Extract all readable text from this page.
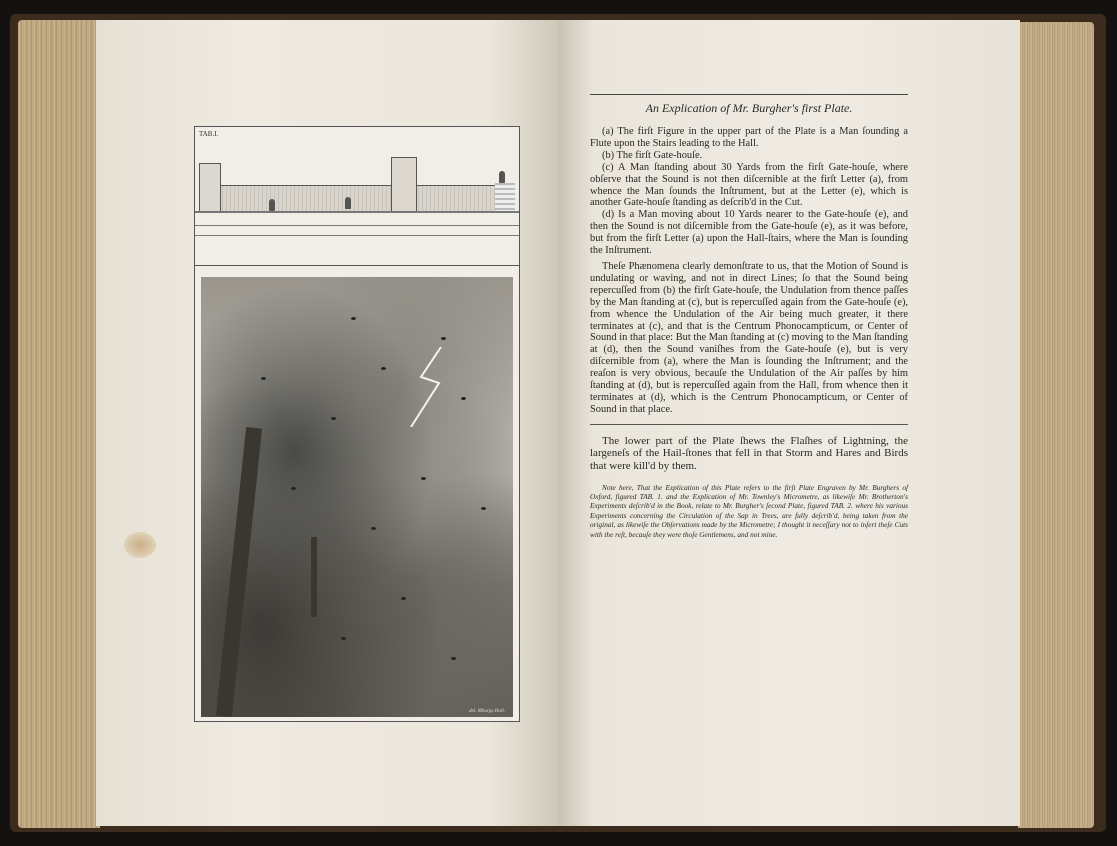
TAB.I.
del. Mburgo Holl.
An Explication of Mr. Burgher's first Plate.

(a) The firſt Figure in the upper part of the Plate is a Man ſounding a Flute upon the Stairs leading to the Hall.

(b) The firſt Gate-houſe.

(c) A Man ſtanding about 30 Yards from the firſt Gate-houſe, where obſerve that the Sound is not then diſcernible at the firſt Letter (a), from whence the Man ſounds the Inſtrument, but at the Letter (e), which is another Gate-houſe ſtanding as deſcrib'd in the Cut.

(d) Is a Man moving about 10 Yards nearer to the Gate-houſe (e), and then the Sound is not diſcernible from the Gate-houſe (e), as it was before, but from the firſt Letter (a) upon the Hall-ſtairs, where the Man is ſounding the Inſtrument.

Theſe Phænomena clearly demonſtrate to us, that the Motion of Sound is undulating or waving, and not in direct Lines; ſo that the Sound being repercuſſed from (b) the firſt Gate-houſe, the Undulation from thence paſſes by the Man ſtanding at (c), but is repercuſſed again from the Gate-houſe (e), from whence the Undulation of the Air being much greater, it there terminates at (c), and that is the Centrum Phonocampticum, or Center of Sound in that place: But the Man ſtanding at (c) moving to the Man ſtanding at (d), then the Sound vaniſhes from the Gate-houſe (e), but is very diſcernible from (a), where the Man is ſounding the Inſtrument; and the reaſon is very obvious, becauſe the Undulation of the Air paſſes by him ſtanding at (d), but is repercuſſed again from the Hall, from whence then it terminates at (d), which is the Centrum Phonocampticum, or Center of Sound in that place.

The lower part of the Plate ſhews the Flaſhes of Lightning, the largeneſs of the Hail-ſtones that fell in that Storm and Hares and Birds that were kill'd by them.

Note here, That the Explication of this Plate refers to the firſt Plate Engraven by Mr. Burghers of Oxford, figured TAB. 1. and the Explication of Mr. Townley's Micrometre, as likewiſe Mr. Brotherton's Experiments deſcrib'd in the Book, relate to Mr. Burgher's ſecond Plate, figured TAB. 2. where his various Experiments concerning the Circulation of the Sap in Trees, are fully deſcrib'd, being taken from the original, as likewiſe the Obſervations made by the Micrometre; I thought it neceſſary not to inſert theſe Cuts with the reſt, becauſe they were thoſe Gentlemens, and not mine.
